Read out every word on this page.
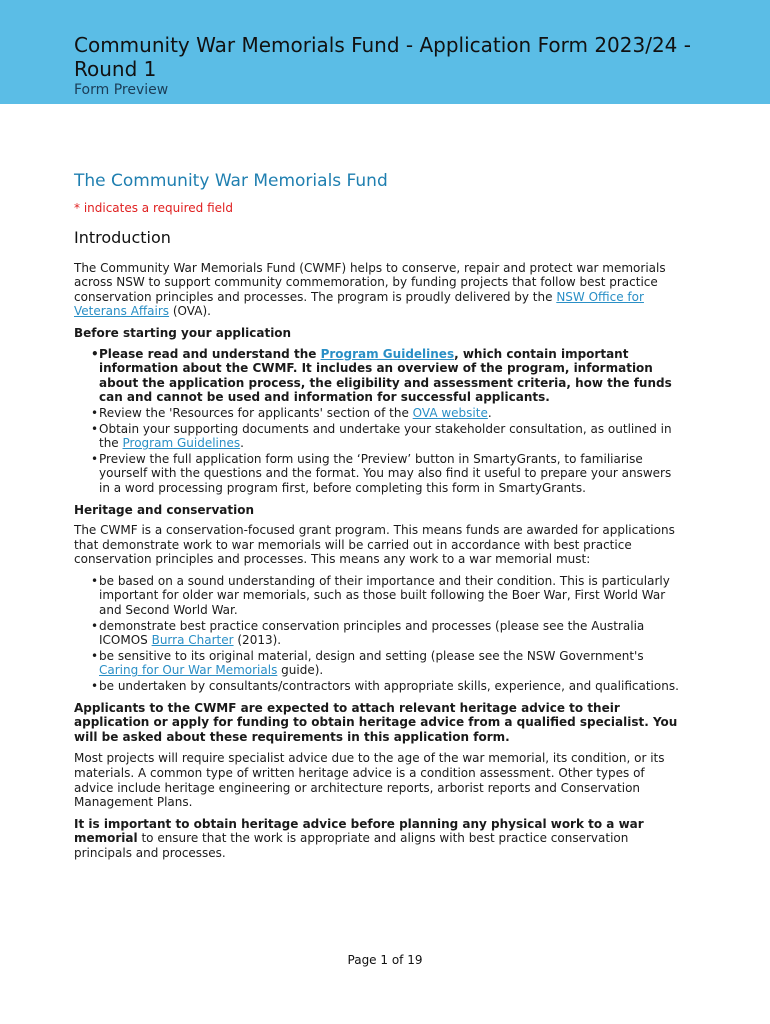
Community War Memorials Fund - Application Form 2023/24 - Round 1
Form Preview
The Community War Memorials Fund
* indicates a required field
Introduction

The Community War Memorials Fund (CWMF) helps to conserve, repair and protect war memorials across NSW to support community commemoration, by funding projects that follow best practice conservation principles and processes. The program is proudly delivered by the NSW Office for Veterans Affairs (OVA).

Before starting your application
• Please read and understand the Program Guidelines, which contain important information about the CWMF. It includes an overview of the program, information about the application process, the eligibility and assessment criteria, how the funds can and cannot be used and information for successful applicants.
• Review the 'Resources for applicants' section of the OVA website.
• Obtain your supporting documents and undertake your stakeholder consultation, as outlined in the Program Guidelines.
• Preview the full application form using the ‘Preview’ button in SmartyGrants, to familiarise yourself with the questions and the format. You may also find it useful to prepare your answers in a word processing program first, before completing this form in SmartyGrants.
Heritage and conservation

The CWMF is a conservation-focused grant program. This means funds are awarded for applications that demonstrate work to war memorials will be carried out in accordance with best practice conservation principles and processes. This means any work to a war memorial must:

• be based on a sound understanding of their importance and their condition. This is particularly important for older war memorials, such as those built following the Boer War, First World War and Second World War.
• demonstrate best practice conservation principles and processes (please see the Australia ICOMOS Burra Charter (2013).
• be sensitive to its original material, design and setting (please see the NSW Government's Caring for Our War Memorials guide).
• be undertaken by consultants/contractors with appropriate skills, experience, and qualifications.

Applicants to the CWMF are expected to attach relevant heritage advice to their application or apply for funding to obtain heritage advice from a qualified specialist. You will be asked about these requirements in this application form.

Most projects will require specialist advice due to the age of the war memorial, its condition, or its materials. A common type of written heritage advice is a condition assessment. Other types of advice include heritage engineering or architecture reports, arborist reports and Conservation Management Plans.

It is important to obtain heritage advice before planning any physical work to a war memorial to ensure that the work is appropriate and aligns with best practice conservation principals and processes.

Page 1 of 19
